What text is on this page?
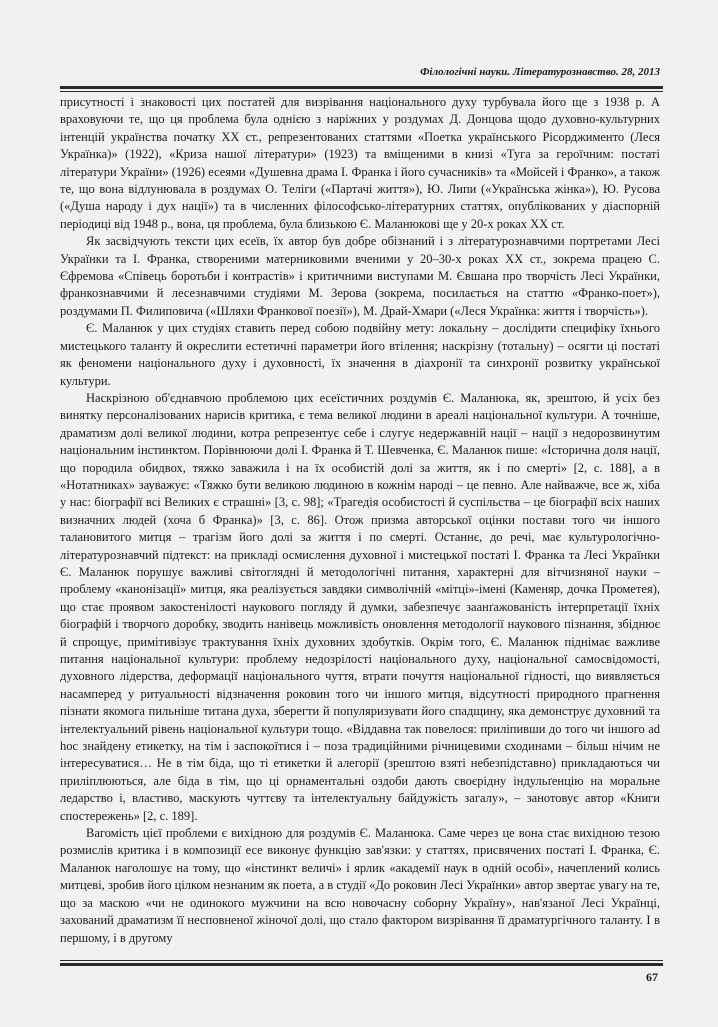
Філологічні науки. Літературознавство. 28, 2013

присутності і знаковості цих постатей для визрівання національного духу турбувала його ще з 1938 р. А враховуючи те, що ця проблема була однією з наріжних у роздумах Д. Донцова щодо духовно-культурних інтенцій українства початку ХХ ст., репрезентованих статтями «Поетка українського Рісорджименто (Леся Українка)» (1922), «Криза нашої літератури» (1923) та вміщеними в книзі «Туга за героїчним: постаті літератури України» (1926) есеями «Душевна драма І. Франка і його сучасників» та «Мойсей і Франко», а також те, що вона відлунювала в роздумах О. Теліги («Партачі життя»), Ю. Липи («Українська жінка»), Ю. Русова («Душа народу і дух нації») та в численних філософсько-літературних статтях, опублікованих у діаспорній періодиці від 1948 р., вона, ця проблема, була близькою Є. Маланюкові ще у 20-х роках ХХ ст.

Як засвідчують тексти цих есеїв, їх автор був добре обізнаний і з літературознавчими портретами Лесі Українки та І. Франка, створеними матерниковими вченими у 20–30-х роках ХХ ст., зокрема працею С. Єфремова «Співець боротьби і контрастів» і критичними виступами М. Євшана про творчість Лесі Українки, франкознавчими й лесезнавчими студіями М. Зерова (зокрема, посилається на статтю «Франко-поет»), роздумами П. Филиповича («Шляхи Франкової поезії»), М. Драй-Хмари («Леся Українка: життя і творчість»).

Є. Маланюк у цих студіях ставить перед собою подвійну мету: локальну – дослідити специфіку їхнього мистецького таланту й окреслити естетичні параметри його втілення; наскрізну (тотальну) – осягти ці постаті як феномени національного духу і духовності, їх значення в діахронії та синхронії розвитку української культури.

Наскрізною об'єднавчою проблемою цих есеїстичних роздумів Є. Маланюка, як, зрештою, й усіх без винятку персоналізованих нарисів критика, є тема великої людини в ареалі національної культури. А точніше, драматизм долі великої людини, котра репрезентує себе і слугує недержавній нації – нації з недорозвинутим національним інстинктом. Порівнюючи долі І. Франка й Т. Шевченка, Є. Маланюк пише: «Історична доля нації, що породила обидвох, тяжко заважила і на їх особистій долі за життя, як і по смерті» [2, с. 188], а в «Нотатниках» зауважує: «Тяжко бути великою людиною в кожнім народі – це певно. Але найважче, все ж, хіба у нас: біографії всі Великих є страшні» [3, с. 98]; «Трагедія особистості й суспільства – це біографії всіх наших визначних людей (хоча б Франка)» [3, с. 86]. Отож призма авторської оцінки постави того чи іншого талановитого митця – трагізм його долі за життя і по смерті. Останнє, до речі, має культурологічно-літературознавчий підтекст: на прикладі осмислення духовної і мистецької постаті І. Франка та Лесі Українки Є. Маланюк порушує важливі світоглядні й методологічні питання, характерні для вітчизняної науки – проблему «канонізації» митця, яка реалізується завдяки символічній «мітці»-імені (Каменяр, дочка Прометея), що стає проявом закостенілості наукового погляду й думки, забезпечує заанґажованість інтерпретації їхніх біографій і творчого доробку, зводить нанівець можливість оновлення методології наукового пізнання, збіднює й спрощує, примітивізує трактування їхніх духовних здобутків. Окрім того, Є. Маланюк піднімає важливе питання національної культури: проблему недозрілості національного духу, національної самосвідомості, духовного лідерства, деформації національного чуття, втрати почуття національної гідності, що виявляється насамперед у ритуальності відзначення роковин того чи іншого митця, відсутності природного прагнення пізнати якомога пильніше титана духа, зберегти й популяризувати його спадщину, яка демонструє духовний та інтелектуальний рівень національної культури тощо. «Віддавна так повелося: приліпивши до того чи іншого ad hoc знайдену етикетку, на тім і заспокоїтися і – поза традиційними річницевими сходинами – більш нічим не інтересуватися… Не в тім біда, що ті етикетки й алегорії (зрештою взяті небезпідставно) прикладаються чи приліплюються, але біда в тім, що ці орнаментальні оздоби дають своєрідну індульґенцію на моральне ледарство і, властиво, маскують чуттєву та інтелектуальну байдужість загалу», – занотовує автор «Книги спостережень» [2, с. 189].

Вагомість цієї проблеми є вихідною для роздумів Є. Маланюка. Саме через це вона стає вихідною тезою розмислів критика і в композиції есе виконує функцію зав'язки: у статтях, присвячених постаті І. Франка, Є. Маланюк наголошує на тому, що «інстинкт величі» і ярлик «академії наук в одній особі», начеплений колись митцеві, зробив його цілком незнаним як поета, а в студії «До роковин Лесі Українки» автор звертає увагу на те, що за маскою «чи не одинокого мужчини на всю новочасну соборну Україну», нав'язаної Лесі Українці, захований драматизм її несповненої жіночої долі, що стало фактором визрівання її драматургічного таланту. І в першому, і в другому

67
